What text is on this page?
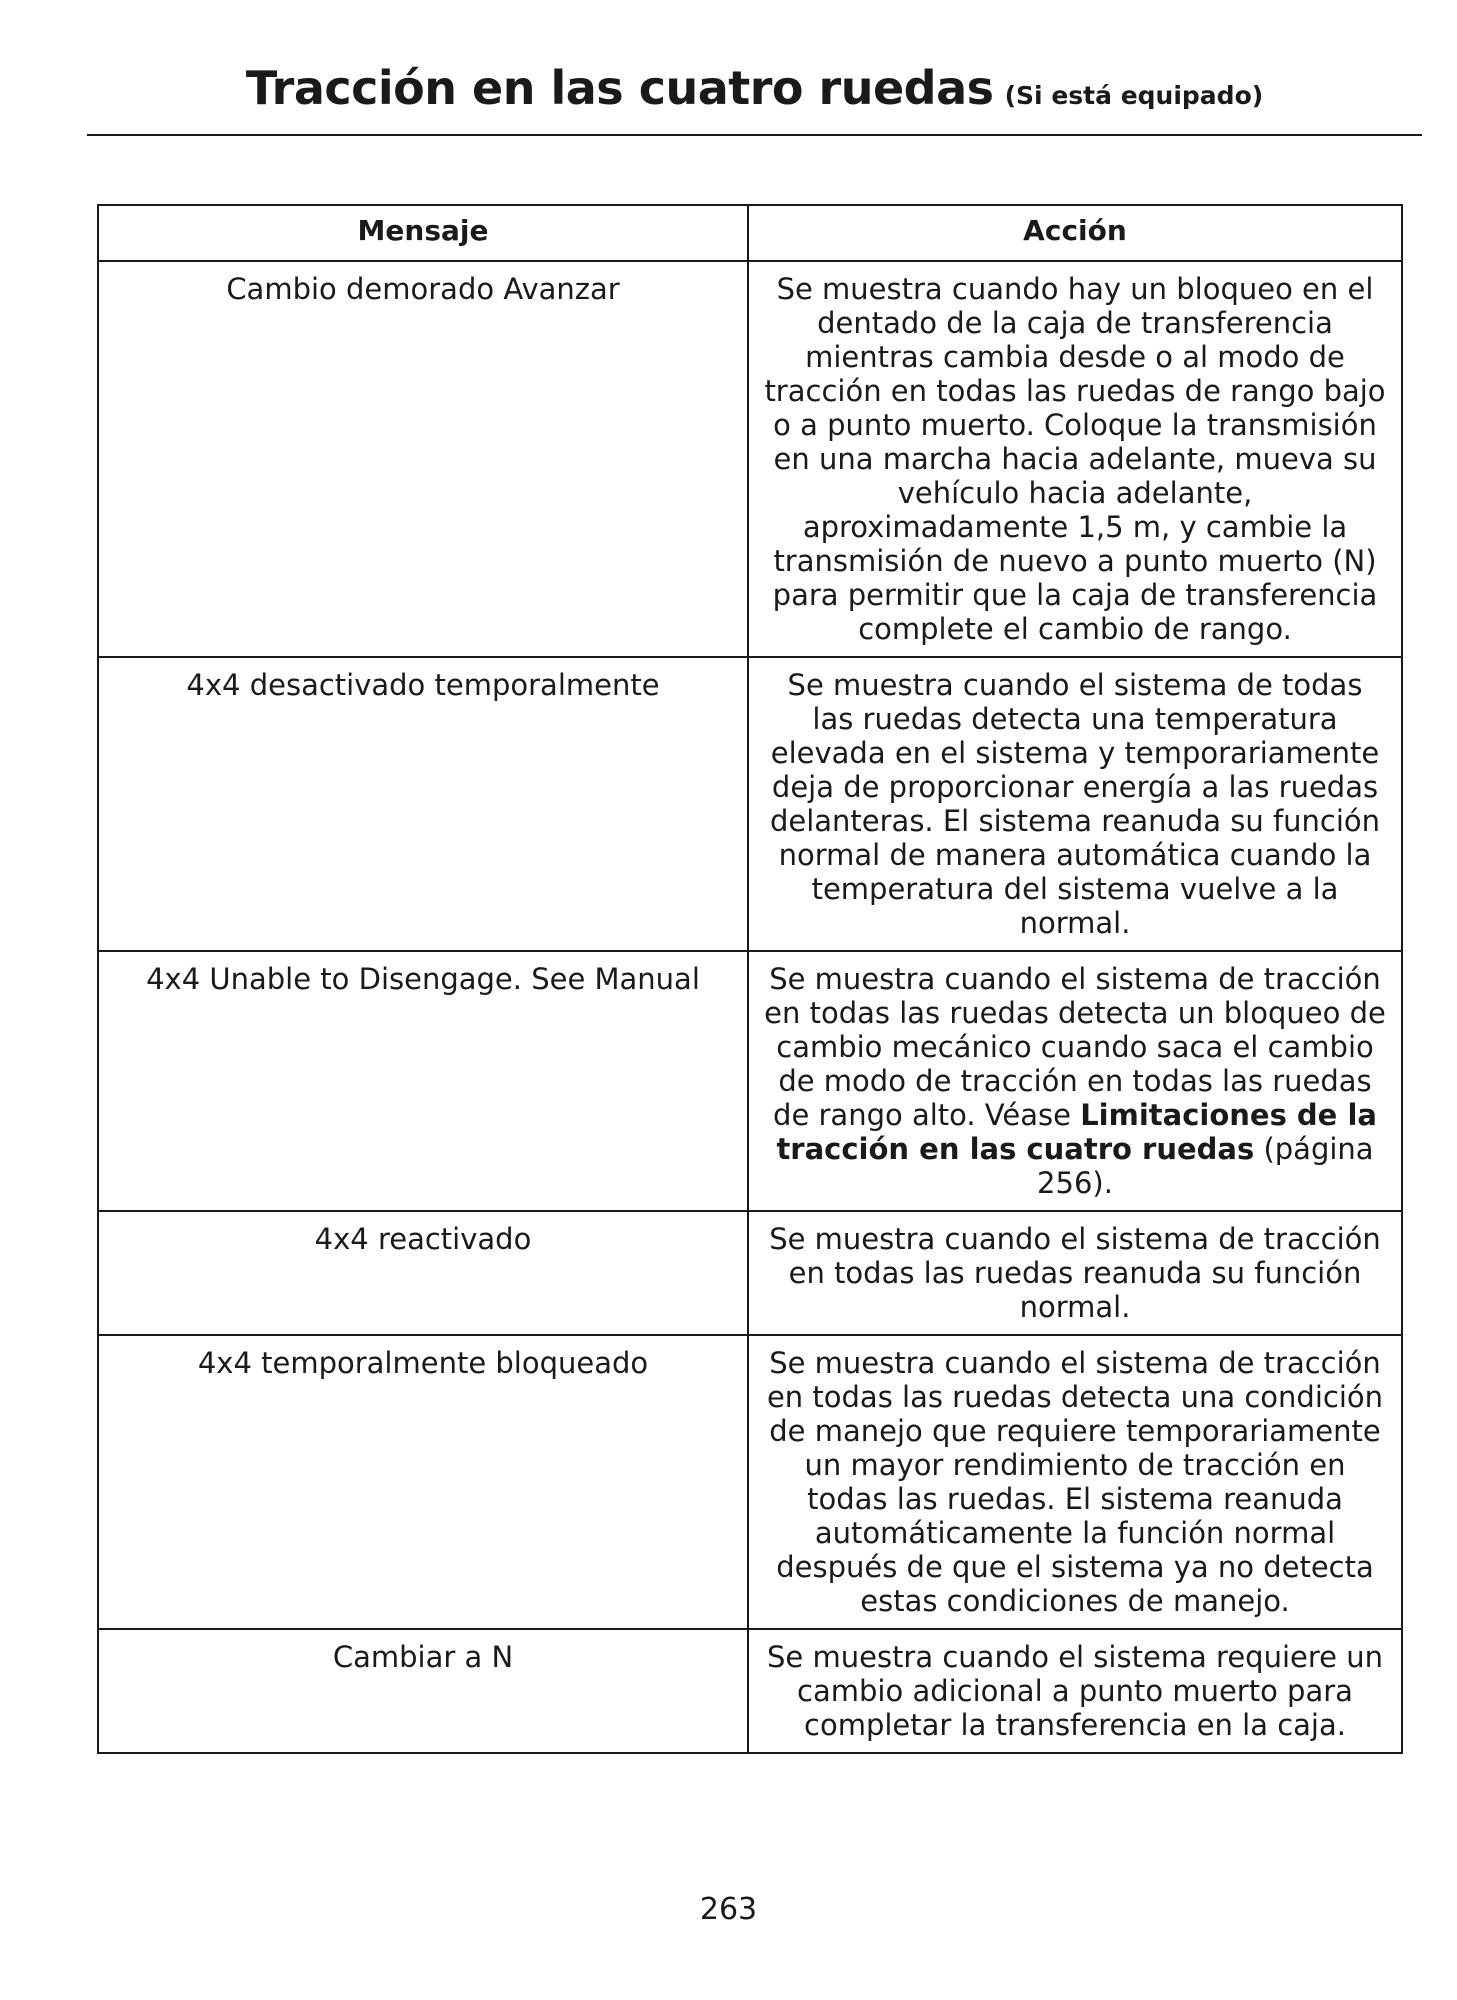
Tracción en las cuatro ruedas (Si está equipado)
Mensaje	Acción
Cambio demorado Avanzar	Se muestra cuando hay un bloqueo en el dentado de la caja de transferencia mientras cambia desde o al modo de tracción en todas las ruedas de rango bajo o a punto muerto. Coloque la transmisión en una marcha hacia adelante, mueva su vehículo hacia adelante, aproximadamente 1,5 m, y cambie la transmisión de nuevo a punto muerto (N) para permitir que la caja de transferencia complete el cambio de rango.
4x4 desactivado temporalmente	Se muestra cuando el sistema de todas las ruedas detecta una temperatura elevada en el sistema y temporariamente deja de proporcionar energía a las ruedas delanteras. El sistema reanuda su función normal de manera automática cuando la temperatura del sistema vuelve a la normal.
4x4 Unable to Disengage. See Manual	Se muestra cuando el sistema de tracción en todas las ruedas detecta un bloqueo de cambio mecánico cuando saca el cambio de modo de tracción en todas las ruedas de rango alto. Véase Limitaciones de la tracción en las cuatro ruedas (página 256).
4x4 reactivado	Se muestra cuando el sistema de tracción en todas las ruedas reanuda su función normal.
4x4 temporalmente bloqueado	Se muestra cuando el sistema de tracción en todas las ruedas detecta una condición de manejo que requiere temporariamente un mayor rendimiento de tracción en todas las ruedas. El sistema reanuda automáticamente la función normal después de que el sistema ya no detecta estas condiciones de manejo.
Cambiar a N	Se muestra cuando el sistema requiere un cambio adicional a punto muerto para completar la transferencia en la caja.
263
